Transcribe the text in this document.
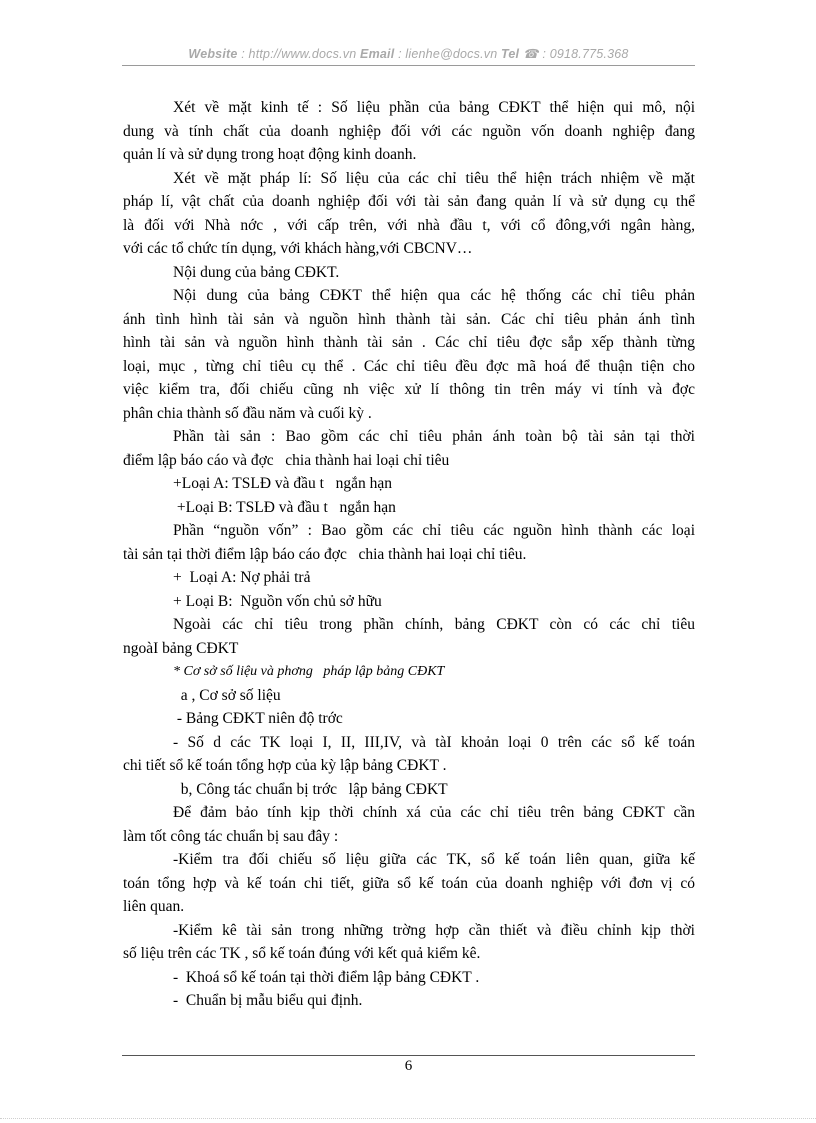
Website : http://www.docs.vn Email : lienhe@docs.vn Tel ☎ : 0918.775.368

Xét về mặt kinh tế : Số liệu phần của bảng CĐKT thể hiện qui mô, nội

dung và tính chất của doanh nghiệp đối với các nguồn vốn doanh nghiệp đang

quản lí và sử dụng trong hoạt động kinh doanh.

Xét về mặt pháp lí: Số liệu của các chỉ tiêu thể hiện trách nhiệm về mặt

pháp lí, vật chất của doanh nghiệp đối với tài sản đang quản lí và sử dụng cụ thể

là đối với Nhà nớc , với cấp trên, với nhà đầu t, với cổ đông,với ngân hàng,

với các tổ chức tín dụng, với khách hàng,với CBCNV…

Nội dung của bảng CĐKT.

Nội dung của bảng CĐKT thể hiện qua các hệ thống các chỉ tiêu phản

ánh tình hình tài sản và nguồn hình thành tài sản. Các chỉ tiêu phản ánh tình

hình tài sản và nguồn hình thành tài sản . Các chỉ tiêu đợc sắp xếp thành từng

loại, mục , từng chỉ tiêu cụ thể . Các chỉ tiêu đều đợc mã hoá để thuận tiện cho

việc kiểm tra, đối chiếu cũng nh việc xử lí thông tin trên máy vi tính và đợc

phân chia thành số đầu năm và cuối kỳ .

Phần tài sản : Bao gồm các chỉ tiêu phản ánh toàn bộ tài sản tại thời

điểm lập báo cáo và đợc   chia thành hai loại chỉ tiêu

+Loại A: TSLĐ và đầu t   ngắn hạn

+Loại B: TSLĐ và đầu t   ngắn hạn

Phần “nguồn vốn” : Bao gồm các chỉ tiêu các nguồn hình thành các loại

tài sản tại thời điểm lập báo cáo đợc   chia thành hai loại chỉ tiêu.

+  Loại A: Nợ phải trả

+ Loại B:  Nguồn vốn chủ sở hữu

Ngoài các chỉ tiêu trong phần chính, bảng CĐKT còn có các chỉ tiêu

ngoàI bảng CĐKT

* Cơ sở số liệu và phơng   pháp lập bảng CĐKT

a , Cơ sở số liệu

- Bảng CĐKT niên độ trớc

- Số d các TK loại I, II, III,IV, và tàI khoản loại 0 trên các sổ kế toán

chi tiết sổ kế toán tổng hợp của kỳ lập bảng CĐKT .

b, Công tác chuẩn bị trớc   lập bảng CĐKT

Để đảm bảo tính kịp thời chính xá của các chỉ tiêu trên bảng CĐKT cần

làm tốt công tác chuẩn bị sau đây :

-Kiểm tra đối chiếu số liệu giữa các TK, sổ kế toán liên quan, giữa kế

toán tổng hợp và kế toán chi tiết, giữa sổ kế toán của doanh nghiệp với đơn vị có

liên quan.

-Kiểm kê tài sản trong những trờng hợp cần thiết và điều chỉnh kịp thời

số liệu trên các TK , sổ kế toán đúng với kết quả kiểm kê.

-  Khoá sổ kế toán tại thời điểm lập bảng CĐKT .

-  Chuẩn bị mẫu biểu qui định.

6
